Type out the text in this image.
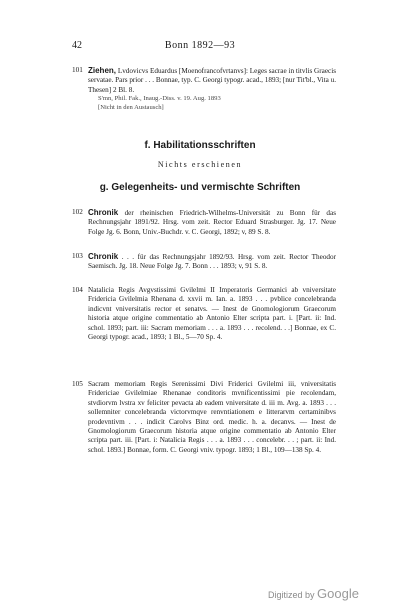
42	Bonn 1892—93
101 Ziehen, Lvdovicvs Eduardus [Moenofrancofvrtanvs]: Leges sacrae in titvlis Graecis servatae. Pars prior . . . Bonnae, typ. C. Georgi typogr. acad., 1893; [nur Tit'bl., Vita u. Thesen] 2 Bl. 8.
S'mn, Phil. Fak., Inaug.-Diss. v. 19. Aug. 1893
[Nicht in den Austausch]
f. Habilitationsschriften
Nichts erschienen
g. Gelegenheits- und vermischte Schriften
102 Chronik der rheinischen Friedrich-Wilhelms-Universität zu Bonn für das Rechnungsjahr 1891/92. Hrsg. vom zeit. Rector Eduard Strasburger. Jg. 17. Neue Folge Jg. 6. Bonn, Univ.-Buchdr. v. C. Georgi, 1892; v, 89 S. 8.
103 Chronik . . . für das Rechnungsjahr 1892/93. Hrsg. vom zeit. Rector Theodor Saemisch. Jg. 18. Neue Folge Jg. 7. Bonn . . . 1893; v, 91 S. 8.
104 Natalicia Regis Avgvstissimi Gvilelmi II Imperatoris Germanici ab vniversitate Fridericia Gvilelmia Rhenana d. xxvii m. Ian. a. 1893 . . . pvblice concelebranda indicvnt vniversitatis rector et senatvs. — Inest de Gnomologiorum Graecorum historia atque origine commentatio ab Antonio Elter scripta part. i. [Part. ii: Ind. schol. 1893; part. iii: Sacram memoriam . . . a. 1893 . . . recolend. . .] Bonnae, ex C. Georgi typogr. acad., 1893; 1 Bl., 5—70 Sp. 4.
105 Sacram memoriam Regis Serenissimi Divi Friderici Gvilelmi iii, vniversitatis Fridericiae Gvilelmiae Rhenanae conditoris mvnificentissimi pie recolendam, stvdiorvm lvstra xv feliciter pevacta ab eadem vniversitate d. iii m. Avg. a. 1893 . . . sollemniter concelebranda victorvmqve renvntiationem e litterarvm certaminibvs prodevntivm . . . indicit Carolvs Binz ord. medic. h. a. decanvs. — Inest de Gnomologiorum Graecorum historia atque origine commentatio ab Antonio Elter scripta part. iii. [Part. i: Natalicia Regis . . . a. 1893 . . . concelebr. . . ; part. ii: Ind. schol. 1893.] Bonnae, form. C. Georgi vniv. typogr. 1893; 1 Bl., 109—138 Sp. 4.
Digitized by Google
